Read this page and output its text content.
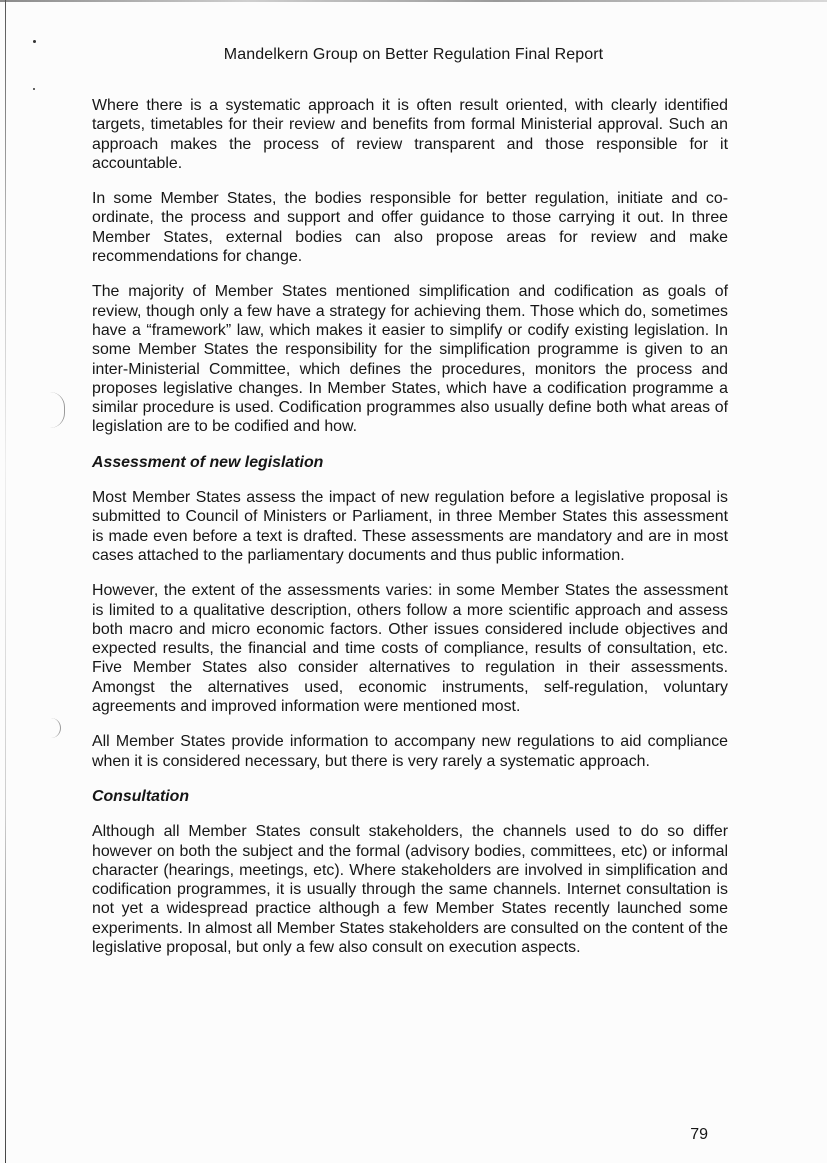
Mandelkern Group on Better Regulation Final Report

Where there is a systematic approach it is often result oriented, with clearly identified targets, timetables for their review and benefits from formal Ministerial approval. Such an approach makes the process of review transparent and those responsible for it accountable.

In some Member States, the bodies responsible for better regulation, initiate and co-ordinate, the process and support and offer guidance to those carrying it out. In three Member States, external bodies can also propose areas for review and make recommendations for change.

The majority of Member States mentioned simplification and codification as goals of review, though only a few have a strategy for achieving them. Those which do, sometimes have a “framework” law, which makes it easier to simplify or codify existing legislation. In some Member States the responsibility for the simplification programme is given to an inter-Ministerial Committee, which defines the procedures, monitors the process and proposes legislative changes. In Member States, which have a codification programme a similar procedure is used. Codification programmes also usually define both what areas of legislation are to be codified and how.

Assessment of new legislation

Most Member States assess the impact of new regulation before a legislative proposal is submitted to Council of Ministers or Parliament, in three Member States this assessment is made even before a text is drafted. These assessments are mandatory and are in most cases attached to the parliamentary documents and thus public information.

However, the extent of the assessments varies: in some Member States the assessment is limited to a qualitative description, others follow a more scientific approach and assess both macro and micro economic factors. Other issues considered include objectives and expected results, the financial and time costs of compliance, results of consultation, etc. Five Member States also consider alternatives to regulation in their assessments. Amongst the alternatives used, economic instruments, self-regulation, voluntary agreements and improved information were mentioned most.

All Member States provide information to accompany new regulations to aid compliance when it is considered necessary, but there is very rarely a systematic approach.

Consultation

Although all Member States consult stakeholders, the channels used to do so differ however on both the subject and the formal (advisory bodies, committees, etc) or informal character (hearings, meetings, etc). Where stakeholders are involved in simplification and codification programmes, it is usually through the same channels. Internet consultation is not yet a widespread practice although a few Member States recently launched some experiments. In almost all Member States stakeholders are consulted on the content of the legislative proposal, but only a few also consult on execution aspects.

79
